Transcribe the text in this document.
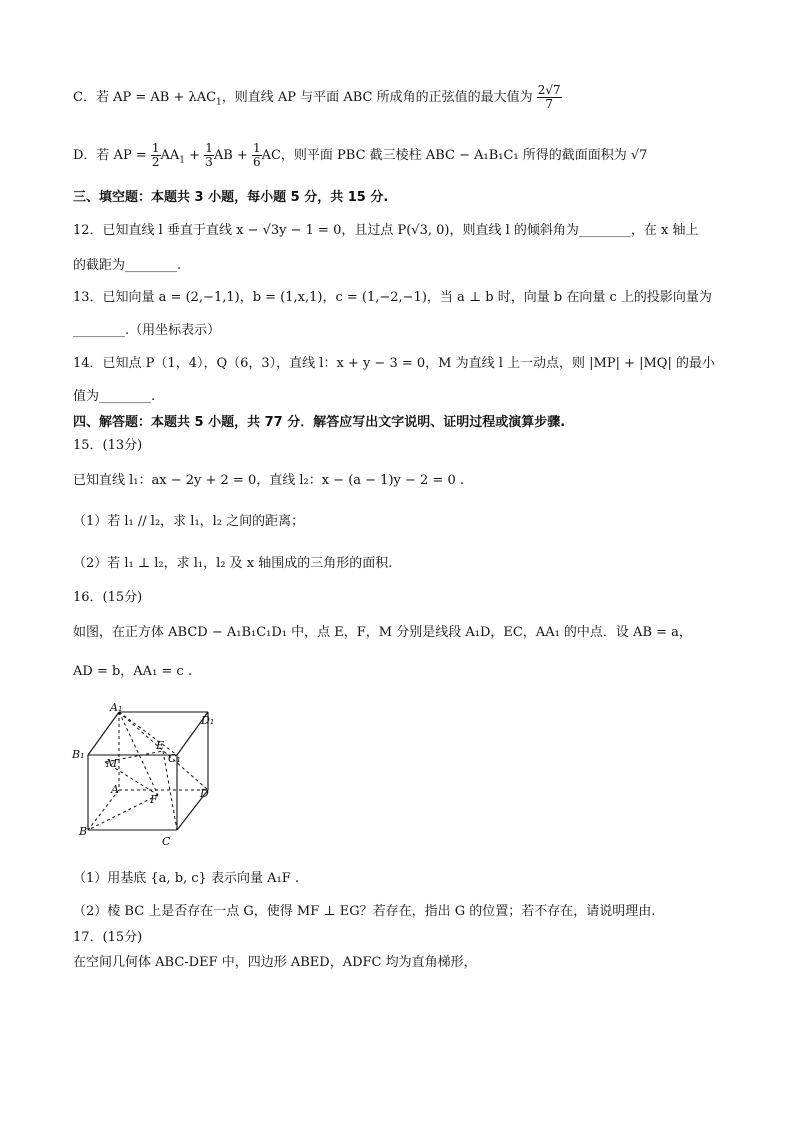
C．若 AP = AB + λAC$_1$，则直线 AP 与平面 ABC 所成角的正弦值的最大值为 $\frac{2√7}{7}$
D．若 AP = $\frac{1}{2} AA_1 + \frac{1}{3}$ AB + $\frac{1}{6}$ AC，则平面 PBC 截三棱柱 ABC − A₁B₁C₁ 所得的截面面积为 √7
三、填空题：本题共 3 小题，每小题 5 分，共 15 分.
12．已知直线 l 垂直于直线 x − √3y − 1 = 0，且过点 P(√3, 0)，则直线 l 的倾斜角为________，在 x 轴上
的截距为________.
13．已知向量 a = (2,−1,1)，b = (1,x,1)，c = (1,−2,−1)，当 a ⊥ b 时，向量 b 在向量 c 上的投影向量为
________.（用坐标表示）
14．已知点 P（1，4），Q（6，3），直线 l：x + y − 3 = 0，M 为直线 l 上一动点，则 |MP| + |MQ| 的最小
值为________.
四、解答题：本题共 5 小题，共 77 分．解答应写出文字说明、证明过程或演算步骤.
15．(13分)
已知直线 l₁：ax − 2y + 2 = 0，直线 l₂：x − (a − 1)y − 2 = 0 .
（1）若 l₁ // l₂，求 l₁，l₂ 之间的距离；
（2）若 l₁ ⊥ l₂，求 l₁，l₂ 及 x 轴围成的三角形的面积.
16．(15分)
如图，在正方体 ABCD − A₁B₁C₁D₁ 中，点 E，F，M 分别是线段 A₁D，EC，AA₁ 的中点．设 AB = a，
AD = b，AA₁ = c .
A₁
D₁
B₁	C₁
E
M
A
F	D
B
C
（1）用基底 {a, b, c} 表示向量 A₁F .
（2）棱 BC 上是否存在一点 G，使得 MF ⊥ EG？若存在，指出 G 的位置；若不存在，请说明理由.
17．(15分)
在空间几何体 ABC-DEF 中，四边形 ABED，ADFC 均为直角梯形，
